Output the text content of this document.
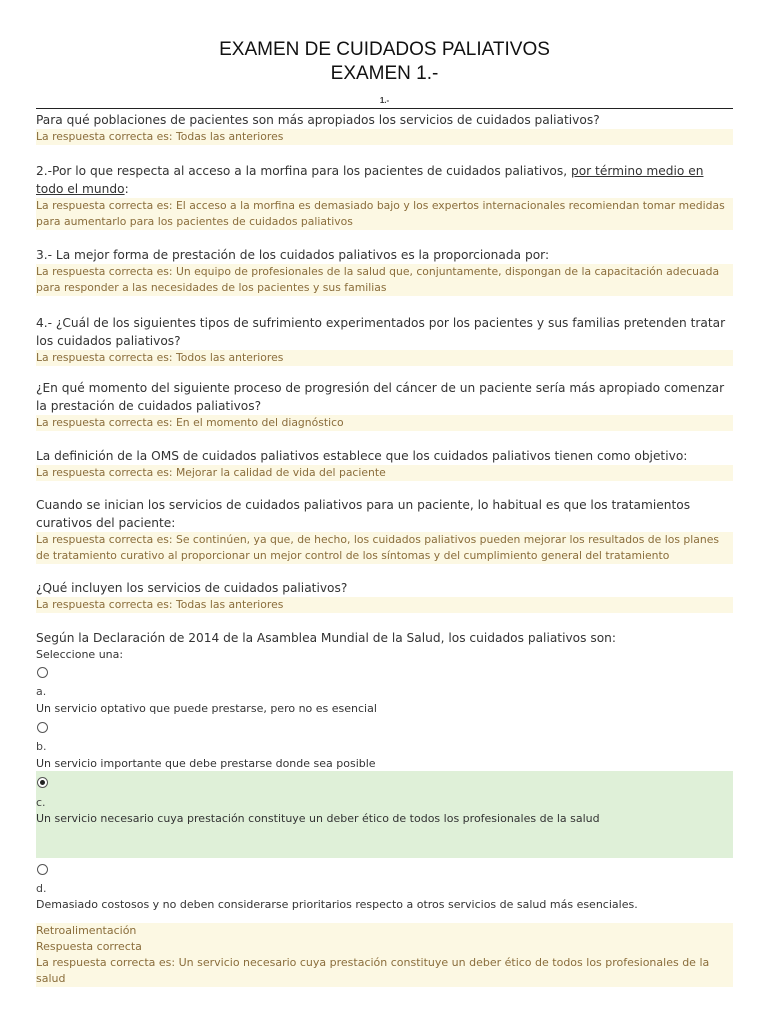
EXAMEN DE CUIDADOS PALIATIVOS
EXAMEN 1.-
1.-
Para qué poblaciones de pacientes son más apropiados los servicios de cuidados paliativos?
La respuesta correcta es: Todas las anteriores
2.-Por lo que respecta al acceso a la morfina para los pacientes de cuidados paliativos, por término medio en todo el mundo:
La respuesta correcta es: El acceso a la morfina es demasiado bajo y los expertos internacionales recomiendan tomar medidas para aumentarlo para los pacientes de cuidados paliativos
3.- La mejor forma de prestación de los cuidados paliativos es la proporcionada por:
La respuesta correcta es: Un equipo de profesionales de la salud que, conjuntamente, dispongan de la capacitación adecuada para responder a las necesidades de los pacientes y sus familias
4.- ¿Cuál de los siguientes tipos de sufrimiento experimentados por los pacientes y sus familias pretenden tratar los cuidados paliativos?
La respuesta correcta es: Todos las anteriores
¿En qué momento del siguiente proceso de progresión del cáncer de un paciente sería más apropiado comenzar la prestación de cuidados paliativos?
La respuesta correcta es: En el momento del diagnóstico
La definición de la OMS de cuidados paliativos establece que los cuidados paliativos tienen como objetivo:
La respuesta correcta es: Mejorar la calidad de vida del paciente
Cuando se inician los servicios de cuidados paliativos para un paciente, lo habitual es que los tratamientos curativos del paciente:
La respuesta correcta es: Se continúen, ya que, de hecho, los cuidados paliativos pueden mejorar los resultados de los planes de tratamiento curativo al proporcionar un mejor control de los síntomas y del cumplimiento general del tratamiento
¿Qué incluyen los servicios de cuidados paliativos?
La respuesta correcta es: Todas las anteriores
Según la Declaración de 2014 de la Asamblea Mundial de la Salud, los cuidados paliativos son:
Seleccione una:
a.
Un servicio optativo que puede prestarse, pero no es esencial
b.
Un servicio importante que debe prestarse donde sea posible
c.
Un servicio necesario cuya prestación constituye un deber ético de todos los profesionales de la salud
d.
Demasiado costosos y no deben considerarse prioritarios respecto a otros servicios de salud más esenciales.
Retroalimentación
Respuesta correcta
La respuesta correcta es: Un servicio necesario cuya prestación constituye un deber ético de todos los profesionales de la salud
